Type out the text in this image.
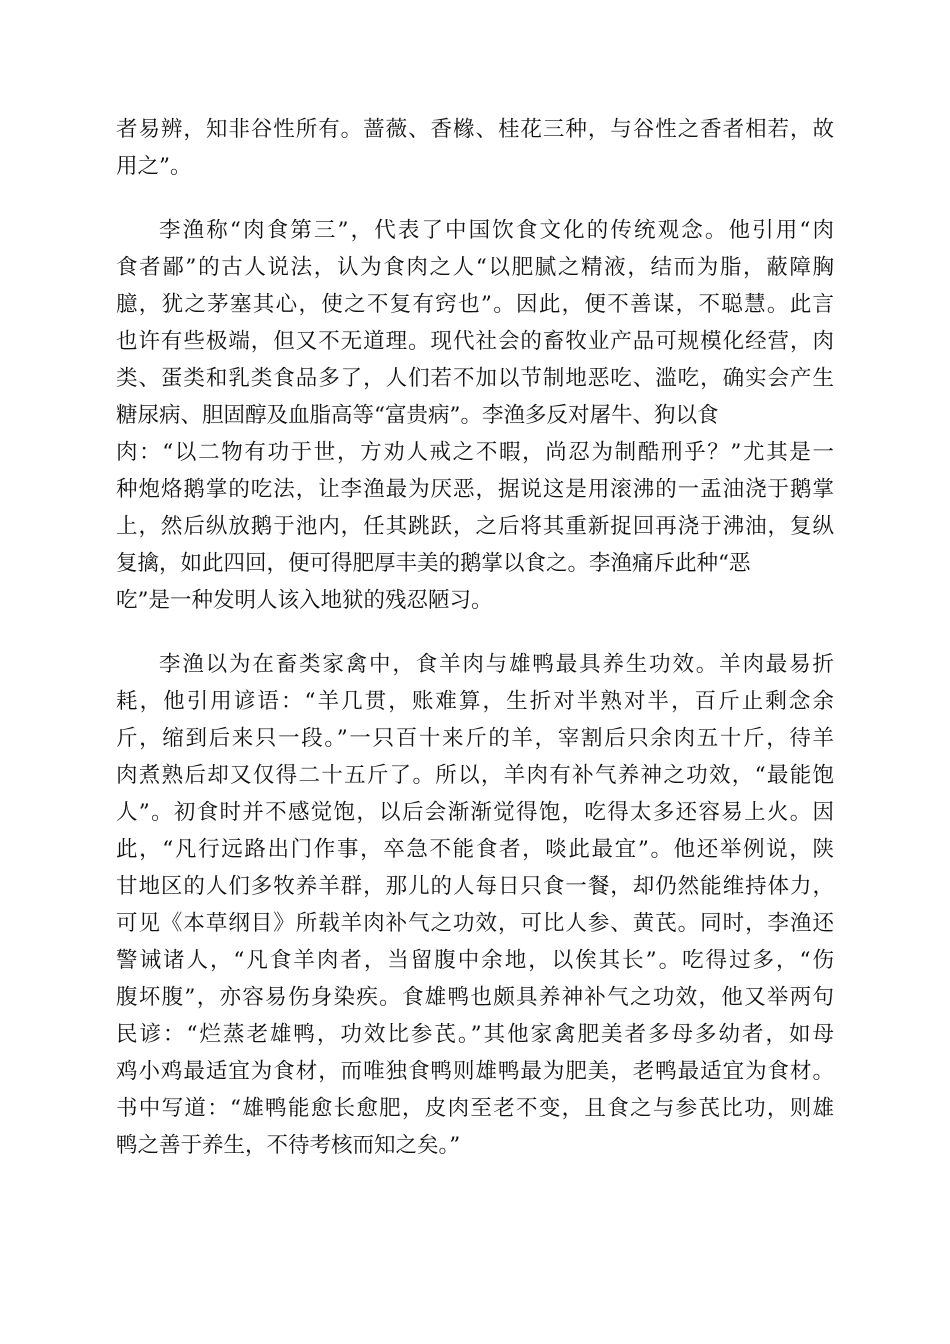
者易辨，知非谷性所有。蔷薇、香橼、桂花三种，与谷性之香者相若，故
用之”。
李渔称“肉食第三”，代表了中国饮食文化的传统观念。他引用“肉
食者鄙”的古人说法，认为食肉之人“以肥腻之精液，结而为脂，蔽障胸
臆，犹之茅塞其心，使之不复有窍也”。因此，便不善谋，不聪慧。此言
也许有些极端，但又不无道理。现代社会的畜牧业产品可规模化经营，肉
类、蛋类和乳类食品多了，人们若不加以节制地恶吃、滥吃，确实会产生
糖尿病、胆固醇及血脂高等“富贵病”。李渔多反对屠牛、狗以食
肉：“以二物有功于世，方劝人戒之不暇，尚忍为制酷刑乎？”尤其是一
种炮烙鹅掌的吃法，让李渔最为厌恶，据说这是用滚沸的一盂油浇于鹅掌
上，然后纵放鹅于池内，任其跳跃，之后将其重新捉回再浇于沸油，复纵
复擒，如此四回，便可得肥厚丰美的鹅掌以食之。李渔痛斥此种“恶
吃”是一种发明人该入地狱的残忍陋习。
李渔以为在畜类家禽中，食羊肉与雄鸭最具养生功效。羊肉最易折
耗，他引用谚语：“羊几贯，账难算，生折对半熟对半，百斤止剩念余
斤，缩到后来只一段。”一只百十来斤的羊，宰割后只余肉五十斤，待羊
肉煮熟后却又仅得二十五斤了。所以，羊肉有补气养神之功效，“最能饱
人”。初食时并不感觉饱，以后会渐渐觉得饱，吃得太多还容易上火。因
此，“凡行远路出门作事，卒急不能食者，啖此最宜”。他还举例说，陕
甘地区的人们多牧养羊群，那儿的人每日只食一餐，却仍然能维持体力，
可见《本草纲目》所载羊肉补气之功效，可比人参、黄芪。同时，李渔还
警诫诸人，“凡食羊肉者，当留腹中余地，以俟其长”。吃得过多，“伤
腹坏腹”，亦容易伤身染疾。食雄鸭也颇具养神补气之功效，他又举两句
民谚：“烂蒸老雄鸭，功效比参芪。”其他家禽肥美者多母多幼者，如母
鸡小鸡最适宜为食材，而唯独食鸭则雄鸭最为肥美，老鸭最适宜为食材。
书中写道：“雄鸭能愈长愈肥，皮肉至老不变，且食之与参芪比功，则雄
鸭之善于养生，不待考核而知之矣。”
